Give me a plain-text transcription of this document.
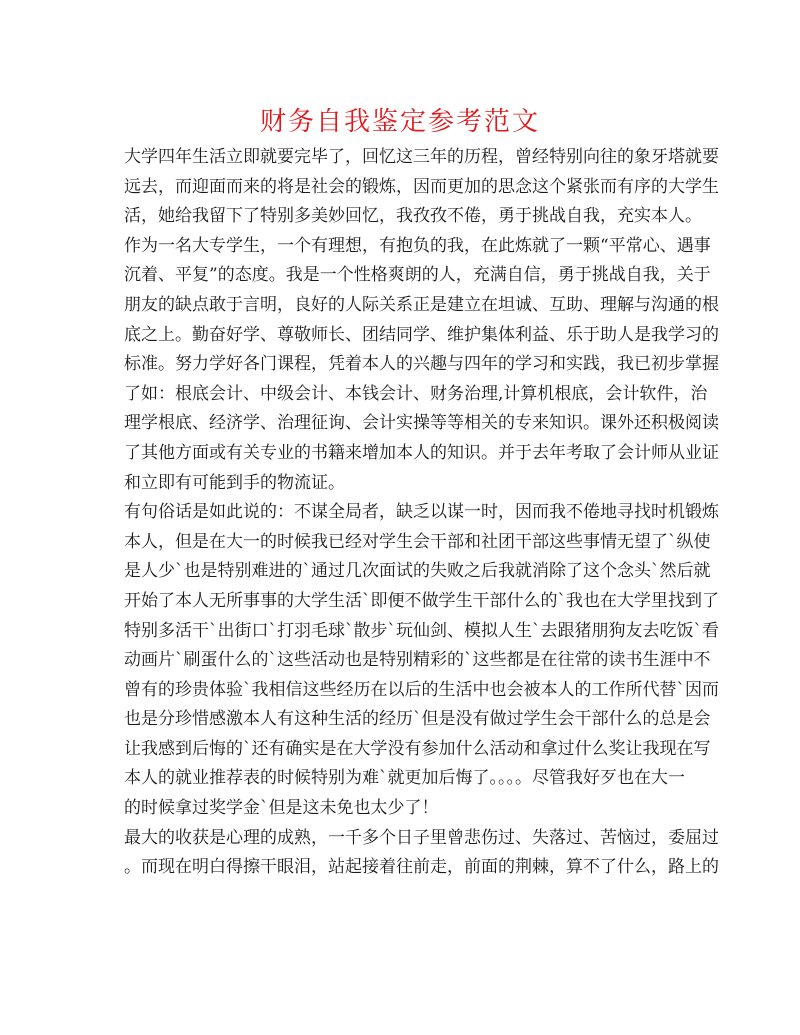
财务自我鉴定参考范文
大学四年生活立即就要完毕了，回忆这三年的历程，曾经特别向往的象牙塔就要
远去，而迎面而来的将是社会的锻炼，因而更加的思念这个紧张而有序的大学生
活，她给我留下了特别多美妙回忆，我孜孜不倦，勇于挑战自我，充实本人。
作为一名大专学生，一个有理想，有抱负的我，在此炼就了一颗“平常心、遇事
沉着、平复”的态度。我是一个性格爽朗的人，充满自信，勇于挑战自我，关于
朋友的缺点敢于言明，良好的人际关系正是建立在坦诚、互助、理解与沟通的根
底之上。勤奋好学、尊敬师长、团结同学、维护集体利益、乐于助人是我学习的
标准。努力学好各门课程，凭着本人的兴趣与四年的学习和实践，我已初步掌握
了如：根底会计、中级会计、本钱会计、财务治理,计算机根底，会计软件，治
理学根底、经济学、治理征询、会计实操等等相关的专来知识。课外还积极阅读
了其他方面或有关专业的书籍来增加本人的知识。并于去年考取了会计师从业证
和立即有可能到手的物流证。
有句俗话是如此说的：不谋全局者，缺乏以谋一时，因而我不倦地寻找时机锻炼
本人，但是在大一的时候我已经对学生会干部和社团干部这些事情无望了`纵使
是人少`也是特别难进的`通过几次面试的失败之后我就消除了这个念头`然后就
开始了本人无所事事的大学生活`即便不做学生干部什么的`我也在大学里找到了
特别多活干`出街口`打羽毛球`散步`玩仙剑、模拟人生`去跟猪朋狗友去吃饭`看
动画片`刷蛋什么的`这些活动也是特别精彩的`这些都是在往常的读书生涯中不
曾有的珍贵体验`我相信这些经历在以后的生活中也会被本人的工作所代替`因而
也是分珍惜感激本人有这种生活的经历`但是没有做过学生会干部什么的总是会
让我感到后悔的`还有确实是在大学没有参加什么活动和拿过什么奖让我现在写
本人的就业推荐表的时候特别为难`就更加后悔了。。。。尽管我好歹也在大一
的时候拿过奖学金`但是这未免也太少了！
最大的收获是心理的成熟，一千多个日子里曾悲伤过、失落过、苦恼过，委屈过
。而现在明白得擦干眼泪，站起接着往前走，前面的荆棘，算不了什么，路上的
